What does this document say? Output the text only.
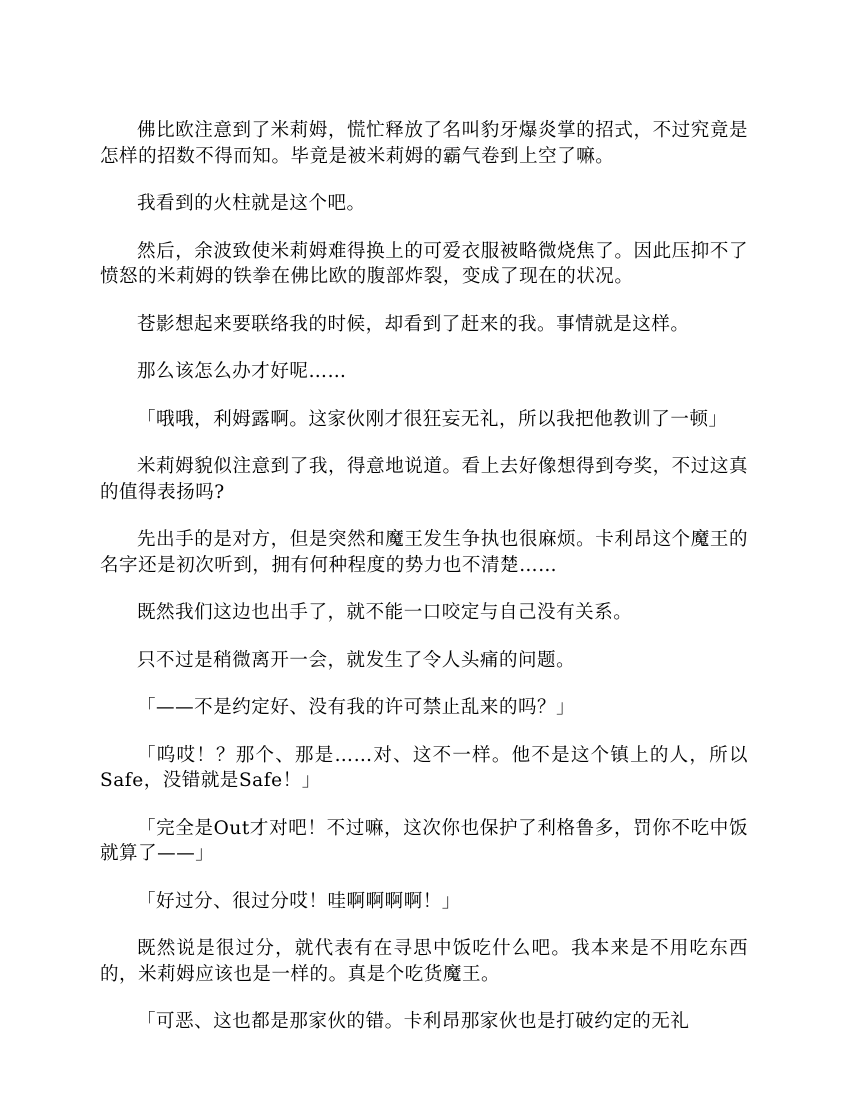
佛比欧注意到了米莉姆，慌忙释放了名叫豹牙爆炎掌的招式，不过究竟是怎样的招数不得而知。毕竟是被米莉姆的霸气卷到上空了嘛。

我看到的火柱就是这个吧。

然后，余波致使米莉姆难得换上的可爱衣服被略微烧焦了。因此压抑不了愤怒的米莉姆的铁拳在佛比欧的腹部炸裂，变成了现在的状况。

苍影想起来要联络我的时候，却看到了赶来的我。事情就是这样。

那么该怎么办才好呢……

「哦哦，利姆露啊。这家伙刚才很狂妄无礼，所以我把他教训了一顿」

米莉姆貌似注意到了我，得意地说道。看上去好像想得到夸奖，不过这真的值得表扬吗?

先出手的是对方，但是突然和魔王发生争执也很麻烦。卡利昂这个魔王的名字还是初次听到，拥有何种程度的势力也不清楚……

既然我们这边也出手了，就不能一口咬定与自己没有关系。

只不过是稍微离开一会，就发生了令人头痛的问题。

「——不是约定好、没有我的许可禁止乱来的吗？」

「呜哎！？那个、那是……对、这不一样。他不是这个镇上的人，所以Safe，没错就是Safe！」

「完全是Out才对吧！不过嘛，这次你也保护了利格鲁多，罚你不吃中饭就算了——」

「好过分、很过分哎！哇啊啊啊啊！」

既然说是很过分，就代表有在寻思中饭吃什么吧。我本来是不用吃东西的，米莉姆应该也是一样的。真是个吃货魔王。

「可恶、这也都是那家伙的错。卡利昂那家伙也是打破约定的无礼
